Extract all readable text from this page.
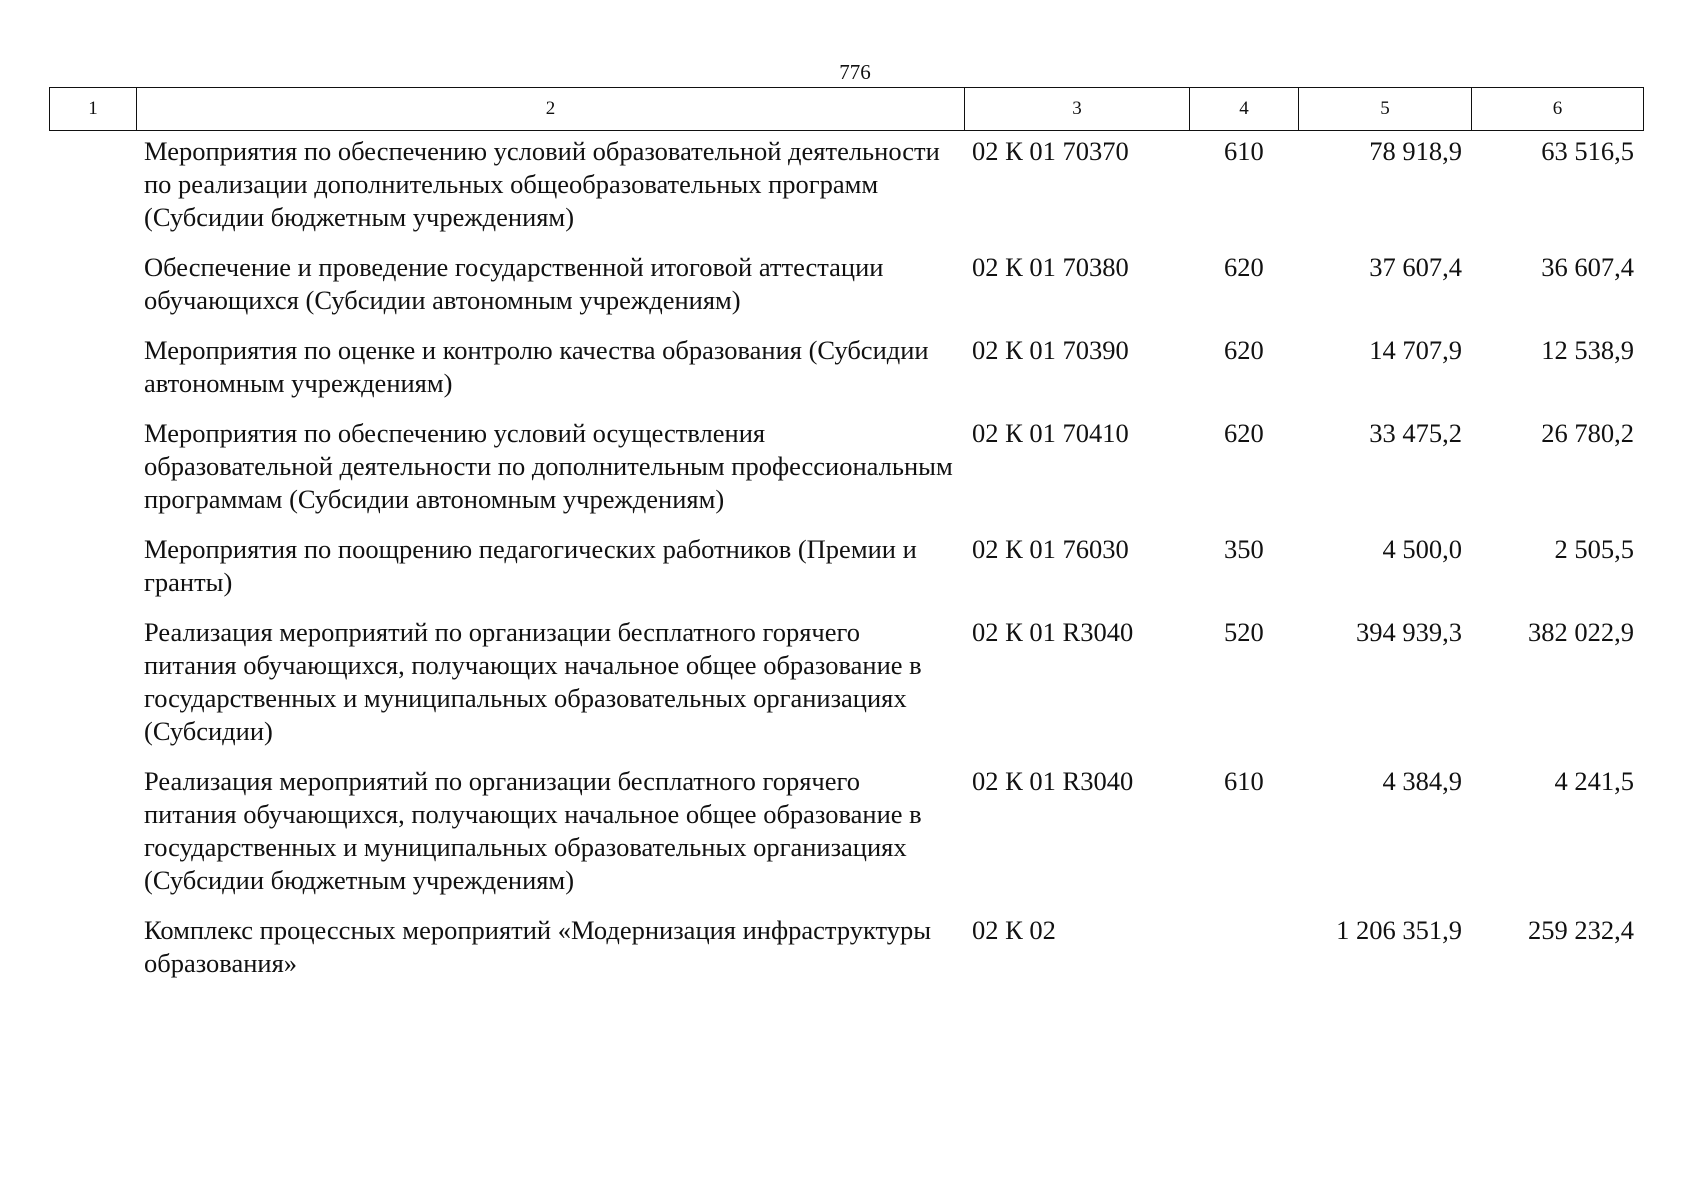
776
1	2	3	4	5	6
Мероприятия по обеспечению условий образовательной деятельности по реализации дополнительных общеобразовательных программ (Субсидии бюджетным учреждениям)	02 К 01 70370	610	78 918,9	63 516,5
Обеспечение и проведение государственной итоговой аттестации обучающихся (Субсидии автономным учреждениям)	02 К 01 70380	620	37 607,4	36 607,4
Мероприятия по оценке и контролю качества образования (Субсидии автономным учреждениям)	02 К 01 70390	620	14 707,9	12 538,9
Мероприятия по обеспечению условий осуществления образовательной деятельности по дополнительным профессиональным программам (Субсидии автономным учреждениям)	02 К 01 70410	620	33 475,2	26 780,2
Мероприятия по поощрению педагогических работников (Премии и гранты)	02 К 01 76030	350	4 500,0	2 505,5
Реализация мероприятий по организации бесплатного горячего питания обучающихся, получающих начальное общее образование в государственных и муниципальных образовательных организациях (Субсидии)	02 К 01 R3040	520	394 939,3	382 022,9
Реализация мероприятий по организации бесплатного горячего питания обучающихся, получающих начальное общее образование в государственных и муниципальных образовательных организациях (Субсидии бюджетным учреждениям)	02 К 01 R3040	610	4 384,9	4 241,5
Комплекс процессных мероприятий «Модернизация инфраструктуры образования»	02 К 02		1 206 351,9	259 232,4
